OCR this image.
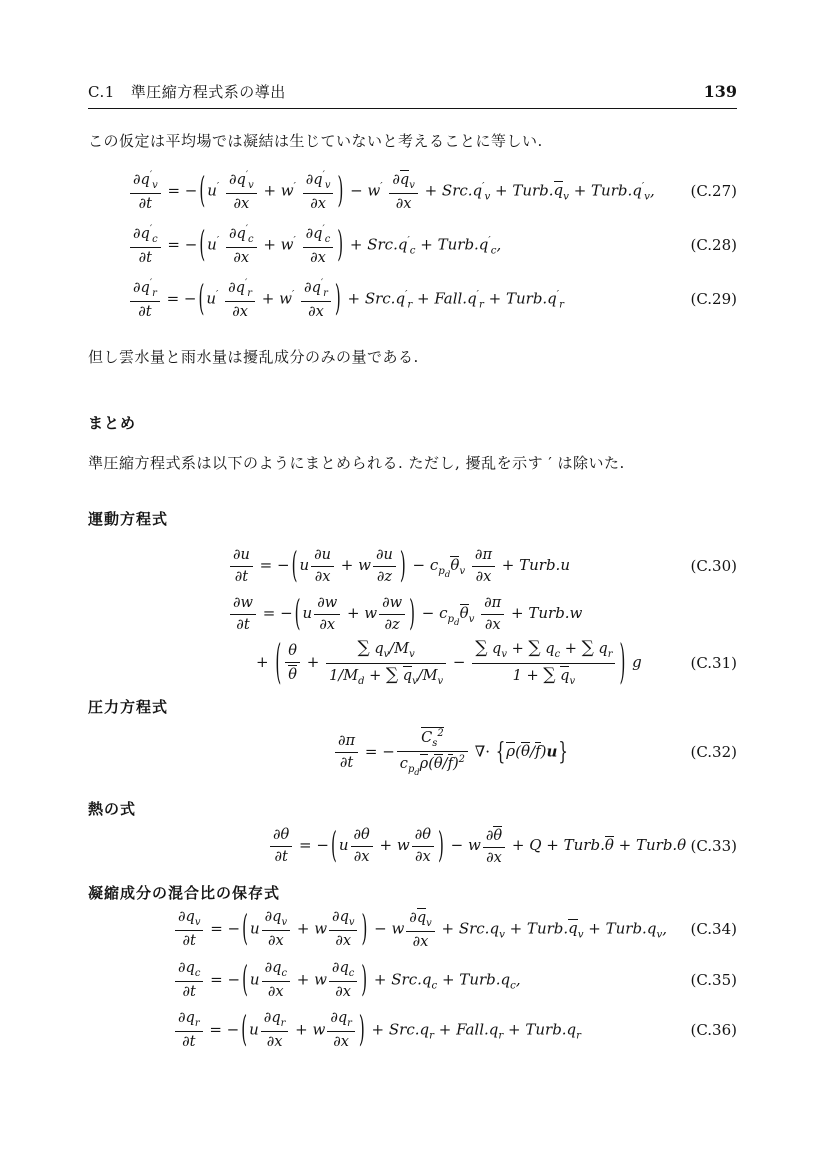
C.1 準圧縮方程式系の導出	139

この仮定は平均場では凝結は生じていないと考えることに等しい.

$\frac{\partial q'_v}{\partial t}$ = − ( $u' \frac{\partial q'_v}{\partial x} + w' \frac{\partial q'_v}{\partial x}$ ) − $w' \frac{\partial q_v}{\partial x} + Src.q'_v$ + $Turb.q_v$ + $Turb.q'_v$, (C.27)
$\frac{\partial q'_c}{\partial t}$ = − ( $u' \frac{\partial q'_c}{\partial x} + w' \frac{\partial q'_c}{\partial x}$ ) + $Src.q'_c$ + $Turb.q'_c$,	(C.28)
$\frac{\partial q'_r}{\partial t}$ = − ( $u' \frac{\partial q'_r}{\partial x} + w' \frac{\partial q'_r}{\partial x}$ ) + $Src.q'_r$ + $Fall.q'_r$ + $Turb.q'_r$	(C.29)

但し雲水量と雨水量は擾乱成分のみの量である.

まとめ

準圧縮方程式系は以下のようにまとめられる. ただし, 擾乱を示す ′ は除いた.

運動方程式
$\frac{\partial u}{\partial t}$ = − ( u $\frac{\partial u}{\partial x} + w \frac{\partial u}{\partial z}$ ) − $c_{p_d}\theta_v \frac{\partial\pi}{\partial x}$ + Turb.u	(C.30)
$\frac{\partial w}{\partial t}$ = − ( u $\frac{\partial w}{\partial x} + w \frac{\partial w}{\partial z}$ ) − $c_{p_d}\theta_v \frac{\partial\pi}{\partial x}$ + Turb.w
+ ( $\frac{\theta}{\theta} + \frac{\sum q_v/M_v}{1/M_d + \sum q_v/M_v} - \frac{\sum q_v + \sum q_c + \sum q_r}{1 + \sum q_v}$ ) g	(C.31)
圧力方程式
$\frac{\partial\pi}{\partial t}$ = −
$C_s^2$
$c_{p_d}\rho(\theta/f)^2$ ∇· {ρ(θ/f)u}	(C.32)
熱の式
$\frac{\partial\theta}{\partial t}$ = − ( u $\frac{\partial\theta}{\partial x} + w \frac{\partial\theta}{\partial x}$ ) − w $\frac{\partial\theta}{\partial x} + Q$ + Turb.θ + Turb.θ (C.33)
凝縮成分の混合比の保存式
$\frac{\partial q_v}{\partial t}$ = − ( u $\frac{\partial q_v}{\partial x} + w \frac{\partial q_v}{\partial x}$ ) − w $\frac{\partial q_v}{\partial x} + Src.q_v$ + $Turb.q_v$ + $Turb.q_v$, (C.34)
$\frac{\partial q_c}{\partial t}$ = − ( u $\frac{\partial q_c}{\partial x} + w \frac{\partial q_c}{\partial x}$ ) + $Src.q_c$ + $Turb.q_c$,	(C.35)
$\frac{\partial q_r}{\partial t}$ = − ( u $\frac{\partial q_r}{\partial x} + w \frac{\partial q_r}{\partial x}$ ) + $Src.q_r$ + $Fall.q_r$ + $Turb.q_r$	(C.36)
